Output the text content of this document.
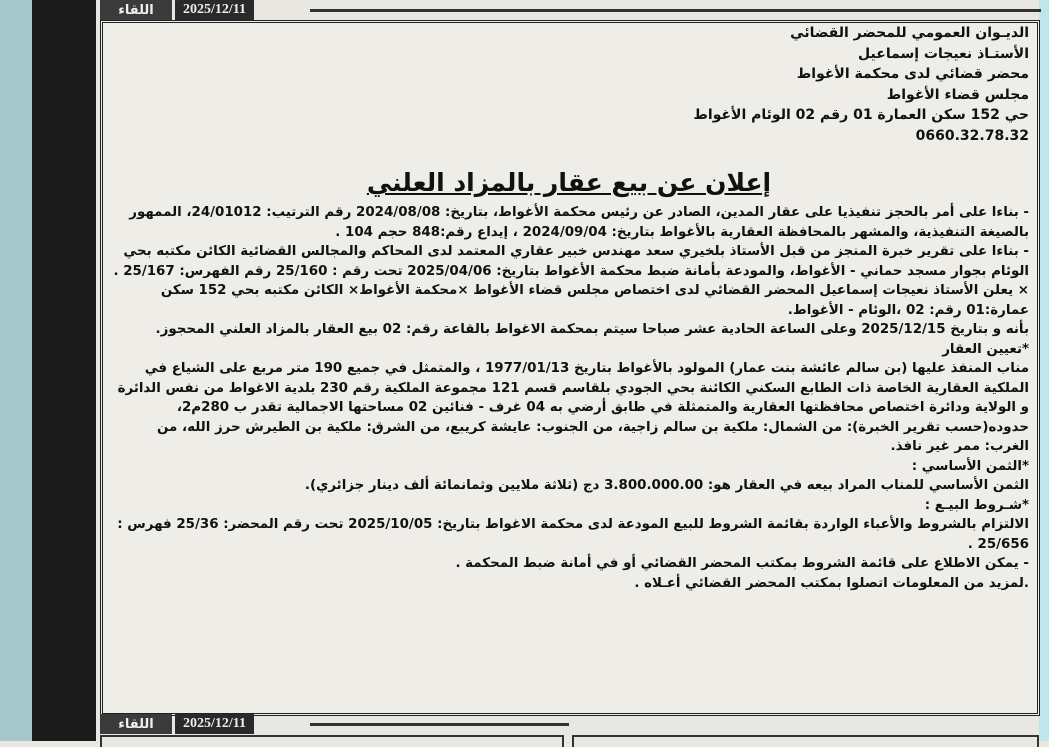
اللقاء	2025/12/11
الديـوان العمومي للمحضر القضائي
الأستـاذ نعيجات إسماعيل
محضر قضائي لدى محكمة الأغواط
مجلس قضاء الأغواط
حي 152 سكن العمارة 01 رقم 02 الوئام الأغواط
0660.32.78.32
إعلان عن بيع عقار بالمزاد العلني

- بناءا على أمر بالحجز تنفيذيا على عقار المدين، الصادر عن رئيس محكمة الأغواط، بتاريخ: 2024/08/08 رقم الترتيب: 24/01012، الممهور بالصيغة التنفيذية، والمشهر بالمحافظة العقارية بالأغواط بتاريخ: 2024/09/04 ، إيداع رقم:848 حجم 104 .

- بناءا على تقرير خبرة المنجز من قبل الأستاذ بلخيري سعد مهندس خبير عقاري المعتمد لدى المحاكم والمجالس القضائية الكائن مكتبه بحي الوئام بجوار مسجد حماني - الأغواط، والمودعة بأمانة ضبط محكمة الأغواط بتاريخ: 2025/04/06 تحت رقم : 25/160 رقم الفهرس: 25/167 .

× يعلن الأستاذ نعيجات إسماعيل المحضر القضائي لدى اختصاص مجلس قضاء الأغواط ×محكمة الأغواط× الكائن مكتبه بحي 152 سكن عمارة:01 رقم: 02 ،الوئام - الأغواط.

بأنه و بتاريخ 2025/12/15 وعلى الساعة الحادية عشر صباحا سيتم بمحكمة الاغواط بالقاعة رقم: 02 بيع العقار بالمزاد العلني المحجوز.

*تعيين العقار

مناب المنفذ عليها (بن سالم عائشة بنت عمار) المولود بالأغواط بتاريخ 1977/01/13 ، والمتمثل في جميع 190 متر مربع على الشياع في الملكية العقارية الخاصة ذات الطابع السكني الكائنة بحي الجودي بلقاسم قسم 121 مجموعة الملكية رقم 230 بلدية الاغواط من نفس الدائرة و الولاية ودائرة اختصاص محافظتها العقارية والمتمثلة في طابق أرضي به 04 غرف - فنائين 02 مساحتها الاجمالية تقدر ب 280م2، حدوده(حسب تقرير الخبرة): من الشمال: ملكية بن سالم زاجية، من الجنوب: عايشة كريبع، من الشرق: ملكية بن الطيرش حرز الله، من الغرب: ممر غير نافذ.

*الثمن الأساسي :

الثمن الأساسي للمناب المراد بيعه في العقار هو: 3.800.000.00 دج (ثلاثة ملايين وثمانمائة ألف دينار جزائري).

*شـروط البيـع :

الالتزام بالشروط والأعباء الواردة بقائمة الشروط للبيع المودعة لدى محكمة الاغواط بتاريخ: 2025/10/05 تحت رقم المحضر: 25/36 فهرس : 25/656 .

- يمكن الاطلاع على قائمة الشروط بمكتب المحضر القضائي أو في أمانة ضبط المحكمة .

.لمزيد من المعلومات اتصلوا بمكتب المحضر القضائي أعـلاه .

اللقاء	2025/12/11
